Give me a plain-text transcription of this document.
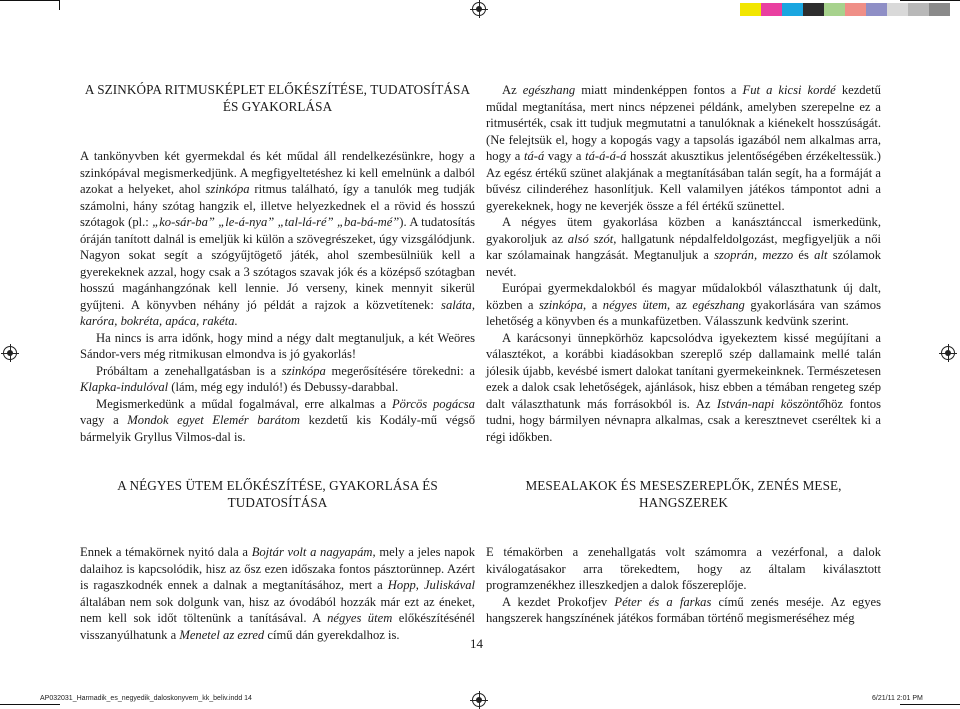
A SZINKÓPA RITMUSKÉPLET ELŐKÉSZÍTÉSE, TUDATOSÍTÁSA
ÉS GYAKORLÁSA

A tankönyvben két gyermekdal és két műdal áll rendelkezésünkre, hogy a szinkópával megismerkedjünk. A megfigyeltetéshez ki kell emelnünk a dalból azokat a helyeket, ahol szinkópa ritmus található, így a tanulók meg tudják számolni, hány szótag hangzik el, illetve helyezkednek el a rövid és hosszú szótagok (pl.: „ko-sár-ba” „le-á-nya” „tal-lá-ré” „ba-bá-mé”). A tudatosítás óráján tanított dalnál is emeljük ki külön a szövegrészeket, úgy vizsgálódjunk. Nagyon sokat segít a szógyűjtögető játék, ahol szembesülniük kell a gyerekeknek azzal, hogy csak a 3 szótagos szavak jók és a középső szótagban hosszú magánhangzónak kell lennie. Jó verseny, kinek mennyit sikerül gyűjteni. A könyvben néhány jó példát a rajzok a közvetítenek: saláta, karóra, bokréta, apáca, rakéta.

Ha nincs is arra időnk, hogy mind a négy dalt megtanuljuk, a két Weöres Sándor-vers még ritmikusan elmondva is jó gyakorlás!

Próbáltam a zenehallgatásban is a szinkópa megerősítésére törekedni: a Klapka-indulóval (lám, még egy induló!) és Debussy-darabbal.

Megismerkedünk a műdal fogalmával, erre alkalmas a Pörcös pogácsa vagy a Mondok egyet Elemér barátom kezdetű kis Kodály-mű végső bármelyik Gryllus Vilmos-dal is.

A NÉGYES ÜTEM ELŐKÉSZÍTÉSE, GYAKORLÁSA ÉS
TUDATOSÍTÁSA

Ennek a témakörnek nyitó dala a Bojtár volt a nagyapám, mely a jeles napok dalaihoz is kapcsolódik, hisz az ősz ezen időszaka fontos pásztorünnep. Azért is ragaszkodnék ennek a dalnak a megtanításához, mert a Hopp, Juliskával általában nem sok dolgunk van, hisz az óvodából hozzák már ezt az éneket, nem kell sok időt töltenünk a tanításával. A négyes ütem előkészítésénél visszanyúlhatunk a Menetel az ezred című dán gyerekdalhoz is.

Az egészhang miatt mindenképpen fontos a Fut a kicsi kordé kezdetű műdal megtanítása, mert nincs népzenei példánk, amelyben szerepelne ez a ritmusérték, csak itt tudjuk megmutatni a tanulóknak a kiénekelt hosszúságát. (Ne felejtsük el, hogy a kopogás vagy a tapsolás igazából nem alkalmas arra, hogy a tá-á vagy a tá-á-á-á hosszát akusztikus jelentőségében érzékeltessük.) Az egész értékű szünet alakjának a megtanításában talán segít, ha a formáját a bűvész cilinderéhez hasonlítjuk. Kell valamilyen játékos támpontot adni a gyerekeknek, hogy ne keverjék össze a fél értékű szünettel.

A négyes ütem gyakorlása közben a kanásztánccal ismerkedünk, gyakoroljuk az alsó szót, hallgatunk népdalfeldolgozást, megfigyeljük a női kar szólamainak hangzását. Megtanuljuk a szoprán, mezzo és alt szólamok nevét.

Európai gyermekdalokból és magyar műdalokból választhatunk új dalt, közben a szinkópa, a négyes ütem, az egészhang gyakorlására van számos lehetőség a könyvben és a munkafüzetben. Válasszunk kedvünk szerint.

A karácsonyi ünnepkörhöz kapcsolódva igyekeztem kissé megújítani a választékot, a korábbi kiadásokban szereplő szép dallamaink mellé talán jólesik újabb, kevésbé ismert dalokat tanítani gyermekeinknek. Természetesen ezek a dalok csak lehetőségek, ajánlások, hisz ebben a témában rengeteg szép dalt választhatunk más forrásokból is. Az István-napi köszöntőhöz fontos tudni, hogy bármilyen névnapra alkalmas, csak a keresztnevet cseréltek ki a régi időkben.

MESEALAKOK ÉS MESESZEREPLŐK, ZENÉS MESE,
HANGSZEREK

E témakörben a zenehallgatás volt számomra a vezérfonal, a dalok kiválogatásakor arra törekedtem, hogy az általam kiválasztott programzenékhez illeszkedjen a dalok főszereplője.

A kezdet Prokofjev Péter és a farkas című zenés meséje. Az egyes hangszerek hangszínének játékos formában történő megismeréséhez még

14
AP032031_Harmadik_es_negyedik_daloskonyvem_kk_beliv.indd 14	6/21/11 2:01 PM
